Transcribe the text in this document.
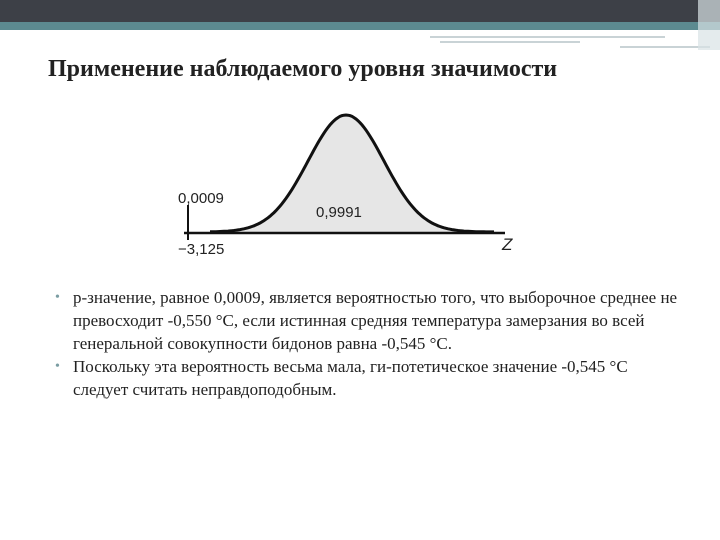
Применение наблюдаемого уровня значимости
0,0009
0,9991
−3,125	Z
• p-значение, равное 0,0009, является вероятностью того, что выборочное среднее не превосходит -0,550 °С, если истинная средняя температура замерзания во всей генеральной совокупности бидонов равна -0,545 °С.
• Поскольку эта вероятность весьма мала, ги-потетическое значение -0,545 °С следует считать неправдоподобным.
